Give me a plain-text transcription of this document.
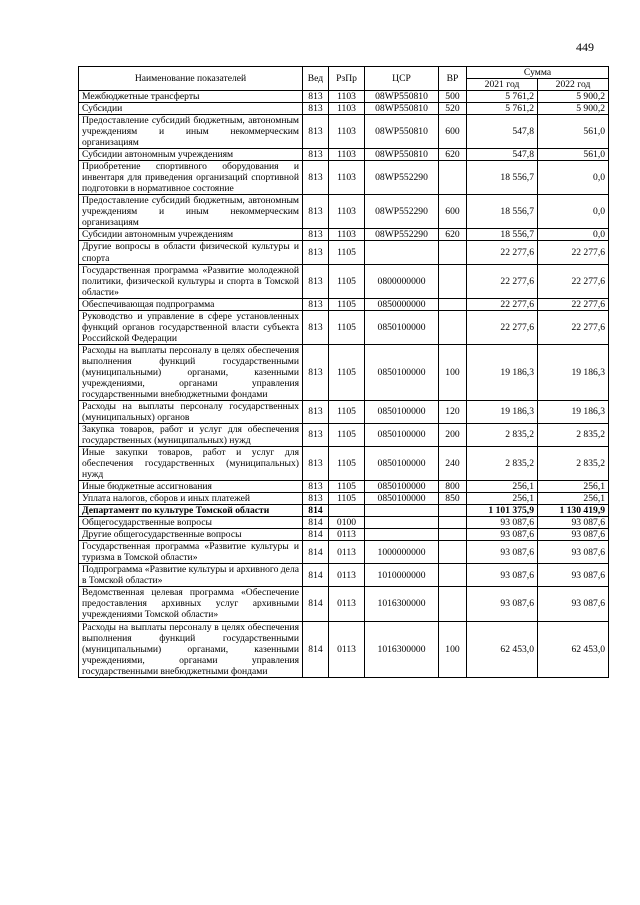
449
Наименование показателей	Вед	РзПр	ЦСР	ВР	Сумма	
					2021 год	2022 год
Межбюджетные трансферты	813	1103	08WP550810	500	5 761,2	5 900,2
Субсидии	813	1103	08WP550810	520	5 761,2	5 900,2
Предоставление субсидий бюджетным, автономным учреждениям и иным некоммерческим организациям	813	1103	08WP550810	600	547,8	561,0
Субсидии автономным учреждениям	813	1103	08WP550810	620	547,8	561,0
Приобретение спортивного оборудования и инвентаря для приведения организаций спортивной подготовки в нормативное состояние	813	1103	08WP552290		18 556,7	0,0
Предоставление субсидий бюджетным, автономным учреждениям и иным некоммерческим организациям	813	1103	08WP552290	600	18 556,7	0,0
Субсидии автономным учреждениям	813	1103	08WP552290	620	18 556,7	0,0
Другие вопросы в области физической культуры и спорта	813	1105			22 277,6	22 277,6
Государственная программа «Развитие молодежной политики, физической культуры и спорта в Томской области»	813	1105	0800000000		22 277,6	22 277,6
Обеспечивающая подпрограмма	813	1105	0850000000		22 277,6	22 277,6
Руководство и управление в сфере установленных функций органов государственной власти субъекта Российской Федерации	813	1105	0850100000		22 277,6	22 277,6
Расходы на выплаты персоналу в целях обеспечения выполнения функций государственными (муниципальными) органами, казенными учреждениями, органами управления государственными внебюджетными фондами	813	1105	0850100000	100	19 186,3	19 186,3
Расходы на выплаты персоналу государственных (муниципальных) органов	813	1105	0850100000	120	19 186,3	19 186,3
Закупка товаров, работ и услуг для обеспечения государственных (муниципальных) нужд	813	1105	0850100000	200	2 835,2	2 835,2
Иные закупки товаров, работ и услуг для обеспечения государственных (муниципальных) нужд	813	1105	0850100000	240	2 835,2	2 835,2
Иные бюджетные ассигнования	813	1105	0850100000	800	256,1	256,1
Уплата налогов, сборов и иных платежей	813	1105	0850100000	850	256,1	256,1
Департамент по культуре Томской области	814				1 101 375,9	1 130 419,9
Общегосударственные вопросы	814	0100			93 087,6	93 087,6
Другие общегосударственные вопросы	814	0113			93 087,6	93 087,6
Государственная программа «Развитие культуры и туризма в Томской области»	814	0113	1000000000		93 087,6	93 087,6
Подпрограмма «Развитие культуры и архивного дела в Томской области»	814	0113	1010000000		93 087,6	93 087,6
Ведомственная целевая программа «Обеспечение предоставления архивных услуг архивными учреждениями Томской области»	814	0113	1016300000		93 087,6	93 087,6
Расходы на выплаты персоналу в целях обеспечения выполнения функций государственными (муниципальными) органами, казенными учреждениями, органами управления государственными внебюджетными фондами	814	0113	1016300000	100	62 453,0	62 453,0
